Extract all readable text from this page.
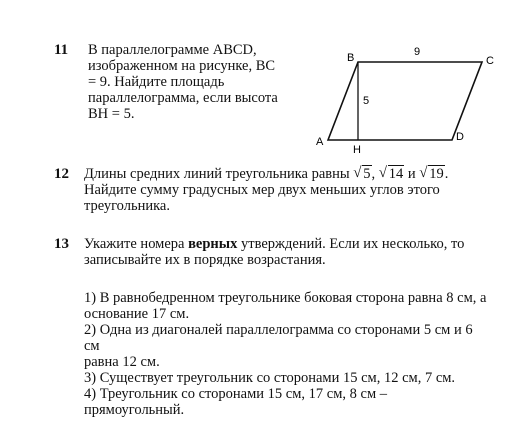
11 В параллелограмме ABCD,
изображенном на рисунке, BC
= 9. Найдите площадь
параллелограмма, если высота
BH = 5.
B	C
A	D
H
9
5
12 Длины средних линий треугольника равны √ 5, √ 14 и √ 19.
Найдите сумму градусных мер двух меньших углов этого
треугольника.
13 Укажите номера верных утверждений. Если их несколько, то
записывайте их в порядке возрастания.
1) В равнобедренном треугольнике боковая сторона равна 8 см, а
основание 17 см.
2) Одна из диагоналей параллелограмма со сторонами 5 см и 6
см
равна 12 см.
3) Существует треугольник со сторонами 15 см, 12 см, 7 см.
4) Треугольник со сторонами 15 см, 17 см, 8 см –
прямоугольный.
